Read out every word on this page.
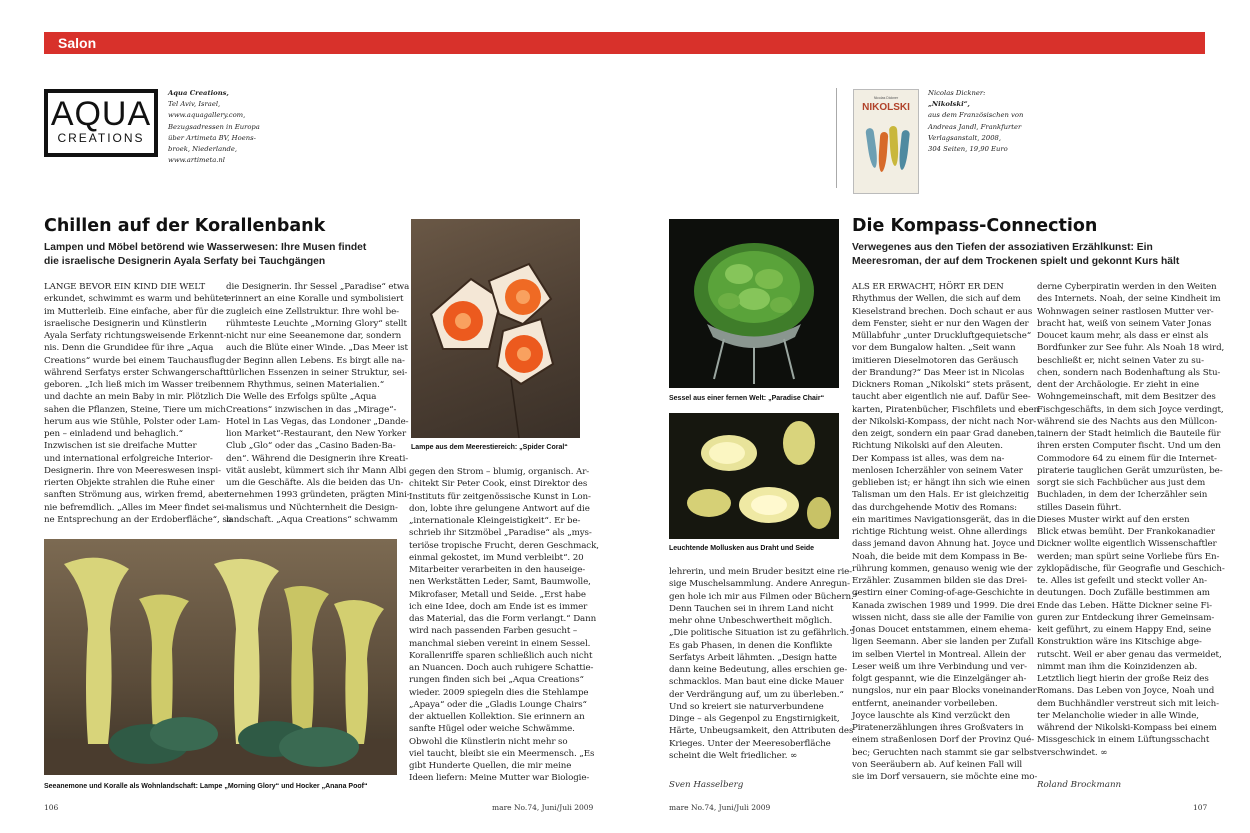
Salon
AQUA
CREATIONS
Aqua Creations,
Tel Aviv, Israel,
www.aquagallery.com,
Bezugsadressen in Europa
über Artimeta BV, Hoens-
broek, Niederlande,
www.artimeta.nl
Chillen auf der Korallenbank
Lampen und Möbel betörend wie Wasserwesen: Ihre Musen findet
die israelische Designerin Ayala Serfaty bei Tauchgängen
LANGE BEVOR EIN KIND DIE WELT
erkundet, schwimmt es warm und behütet
im Mutterleib. Eine einfache, aber für die
israelische Designerin und Künstlerin
Ayala Serfaty richtungsweisende Erkennt-
nis. Denn die Grundidee für ihre „Aqua
Creations“ wurde bei einem Tauchausflug
während Serfatys erster Schwangerschaft
geboren. „Ich ließ mich im Wasser treiben
und dachte an mein Baby in mir. Plötzlich
sahen die Pflanzen, Steine, Tiere um mich
herum aus wie Stühle, Polster oder Lam-
pen – einladend und behaglich.“
Inzwischen ist sie dreifache Mutter
und international erfolgreiche Interior-
Designerin. Ihre von Meereswesen inspi-
rierten Objekte strahlen die Ruhe einer
sanften Strömung aus, wirken fremd, aber
nie befremdlich. „Alles im Meer findet sei-
ne Entsprechung an der Erdoberfläche“, so
die Designerin. Ihr Sessel „Paradise“ etwa
erinnert an eine Koralle und symbolisiert
zugleich eine Zellstruktur. Ihre wohl be-
rühmteste Leuchte „Morning Glory“ stellt
nicht nur eine Seeanemone dar, sondern
auch die Blüte einer Winde. „Das Meer ist
der Beginn allen Lebens. Es birgt alle na-
türlichen Essenzen in seiner Struktur, sei-
nem Rhythmus, seinen Materialien.“
Die Welle des Erfolgs spülte „Aqua
Creations“ inzwischen in das „Mirage“-
Hotel in Las Vegas, das Londoner „Dande-
lion Market“-Restaurant, den New Yorker
Club „Glo“ oder das „Casino Baden-Ba-
den“. Während die Designerin ihre Kreati-
vität auslebt, kümmert sich ihr Mann Albi
um die Geschäfte. Als die beiden das Un-
ternehmen 1993 gründeten, prägten Mini-
malismus und Nüchternheit die Design-
landschaft. „Aqua Creations“ schwamm
gegen den Strom – blumig, organisch. Ar-
chitekt Sir Peter Cook, einst Direktor des
Instituts für zeitgenössische Kunst in Lon-
don, lobte ihre gelungene Antwort auf die
„internationale Kleingeistigkeit“. Er be-
schrieb ihr Sitzmöbel „Paradise“ als „mys-
teriöse tropische Frucht, deren Geschmack,
einmal gekostet, im Mund verbleibt“. 20
Mitarbeiter verarbeiten in den hauseige-
nen Werkstätten Leder, Samt, Baumwolle,
Mikrofaser, Metall und Seide. „Erst habe
ich eine Idee, doch am Ende ist es immer
das Material, das die Form verlangt.“ Dann
wird nach passenden Farben gesucht –
manchmal sieben vereint in einem Sessel.
Korallenriffe sparen schließlich auch nicht
an Nuancen. Doch auch ruhigere Schattie-
rungen finden sich bei „Aqua Creations“
wieder. 2009 spiegeln dies die Stehlampe
„Apaya“ oder die „Gladis Lounge Chairs“
der aktuellen Kollektion. Sie erinnern an
sanfte Hügel oder weiche Schwämme.
Obwohl die Künstlerin nicht mehr so
viel taucht, bleibt sie ein Meermensch. „Es
gibt Hunderte Quellen, die mir meine
Ideen liefern: Meine Mutter war Biologie-
Lampe aus dem Meerestiereich: „Spider Coral“
Seeanemone und Koralle als Wohnlandschaft: Lampe „Morning Glory“ und Hocker „Anana Poof“
106	mare No.74, Juni/Juli 2009
Nicolas Dickner
NIKOLSKI
Nicolas Dickner:
„Nikolski“,
aus dem Französischen von
Andreas Jandl, Frankfurter
Verlagsanstalt, 2008,
304 Seiten, 19,90 Euro
Sessel aus einer fernen Welt: „Paradise Chair“
Leuchtende Mollusken aus Draht und Seide
Die Kompass-Connection
Verwegenes aus den Tiefen der assoziativen Erzählkunst: Ein
Meeresroman, der auf dem Trockenen spielt und gekonnt Kurs hält
lehrerin, und mein Bruder besitzt eine rie-
sige Muschelsammlung. Andere Anregun-
gen hole ich mir aus Filmen oder Büchern.“
Denn Tauchen sei in ihrem Land nicht
mehr ohne Unbeschwertheit möglich.
„Die politische Situation ist zu gefährlich.“
Es gab Phasen, in denen die Konflikte
Serfatys Arbeit lähmten. „Design hatte
dann keine Bedeutung, alles erschien ge-
schmacklos. Man baut eine dicke Mauer
der Verdrängung auf, um zu überleben.“
Und so kreiert sie naturverbundene
Dinge – als Gegenpol zu Engstirnigkeit,
Härte, Unbeugsamkeit, den Attributen des
Krieges. Unter der Meeresoberfläche
scheint die Welt friedlicher. ∞
Sven Hasselberg
ALS ER ERWACHT, HÖRT ER DEN
Rhythmus der Wellen, die sich auf dem
Kieselstrand brechen. Doch schaut er aus
dem Fenster, sieht er nur den Wagen der
Müllabfuhr „unter Druckluftgequietsche“
vor dem Bungalow halten. „Seit wann
imitieren Dieselmotoren das Geräusch
der Brandung?“ Das Meer ist in Nicolas
Dickners Roman „Nikolski“ stets präsent,
taucht aber eigentlich nie auf. Dafür See-
karten, Piratenbücher, Fischfilets und eben
der Nikolski-Kompass, der nicht nach Nor-
den zeigt, sondern ein paar Grad daneben,
Richtung Nikolski auf den Aleuten.
Der Kompass ist alles, was dem na-
menlosen Icherzähler von seinem Vater
geblieben ist; er hängt ihn sich wie einen
Talisman um den Hals. Er ist gleichzeitig
das durchgehende Motiv des Romans:
ein maritimes Navigationsgerät, das in die
richtige Richtung weist. Ohne allerdings
dass jemand davon Ahnung hat. Joyce und
Noah, die beide mit dem Kompass in Be-
rührung kommen, genauso wenig wie der
Erzähler. Zusammen bilden sie das Drei-
gestirn einer Coming-of-age-Geschichte in
Kanada zwischen 1989 und 1999. Die drei
wissen nicht, dass sie alle der Familie von
Jonas Doucet entstammen, einem ehema-
ligen Seemann. Aber sie landen per Zufall
im selben Viertel in Montreal. Allein der
Leser weiß um ihre Verbindung und ver-
folgt gespannt, wie die Einzelgänger ah-
nungslos, nur ein paar Blocks voneinander
entfernt, aneinander vorbeileben.
Joyce lauschte als Kind verzückt den
Piratenerzählungen ihres Großvaters in
einem straßenlosen Dorf der Provinz Qué-
bec; Geruchten nach stammt sie gar selbst
von Seeräubern ab. Auf keinen Fall will
sie im Dorf versauern, sie möchte eine mo-
derne Cyberpiratin werden in den Weiten
des Internets. Noah, der seine Kindheit im
Wohnwagen seiner rastlosen Mutter ver-
bracht hat, weiß von seinem Vater Jonas
Doucet kaum mehr, als dass er einst als
Bordfunker zur See fuhr. Als Noah 18 wird,
beschließt er, nicht seinen Vater zu su-
chen, sondern nach Bodenhaftung als Stu-
dent der Archäologie. Er zieht in eine
Wohngemeinschaft, mit dem Besitzer des
Fischgeschäfts, in dem sich Joyce verdingt,
während sie des Nachts aus den Müllcon-
tainern der Stadt heimlich die Bauteile für
ihren ersten Computer fischt. Und um den
Commodore 64 zu einem für die Internet-
piraterie tauglichen Gerät umzurüsten, be-
sorgt sie sich Fachbücher aus just dem
Buchladen, in dem der Icherzähler sein
stilles Dasein führt.
Dieses Muster wirkt auf den ersten
Blick etwas bemüht. Der Frankokanadier
Dickner wollte eigentlich Wissenschaftler
werden; man spürt seine Vorliebe fürs En-
zyklopädische, für Geografie und Geschich-
te. Alles ist gefeilt und steckt voller An-
deutungen. Doch Zufälle bestimmen am
Ende das Leben. Hätte Dickner seine Fi-
guren zur Entdeckung ihrer Gemeinsam-
keit geführt, zu einem Happy End, seine
Konstruktion wäre ins Kitschige abge-
rutscht. Weil er aber genau das vermeidet,
nimmt man ihm die Koinzidenzen ab.
Letztlich liegt hierin der große Reiz des
Romans. Das Leben von Joyce, Noah und
dem Buchhändler verstreut sich mit leich-
ter Melancholie wieder in alle Winde,
während der Nikolski-Kompass bei einem
Missgeschick in einem Lüftungsschacht
verschwindet. ∞
Roland Brockmann
mare No.74, Juni/Juli 2009	107
